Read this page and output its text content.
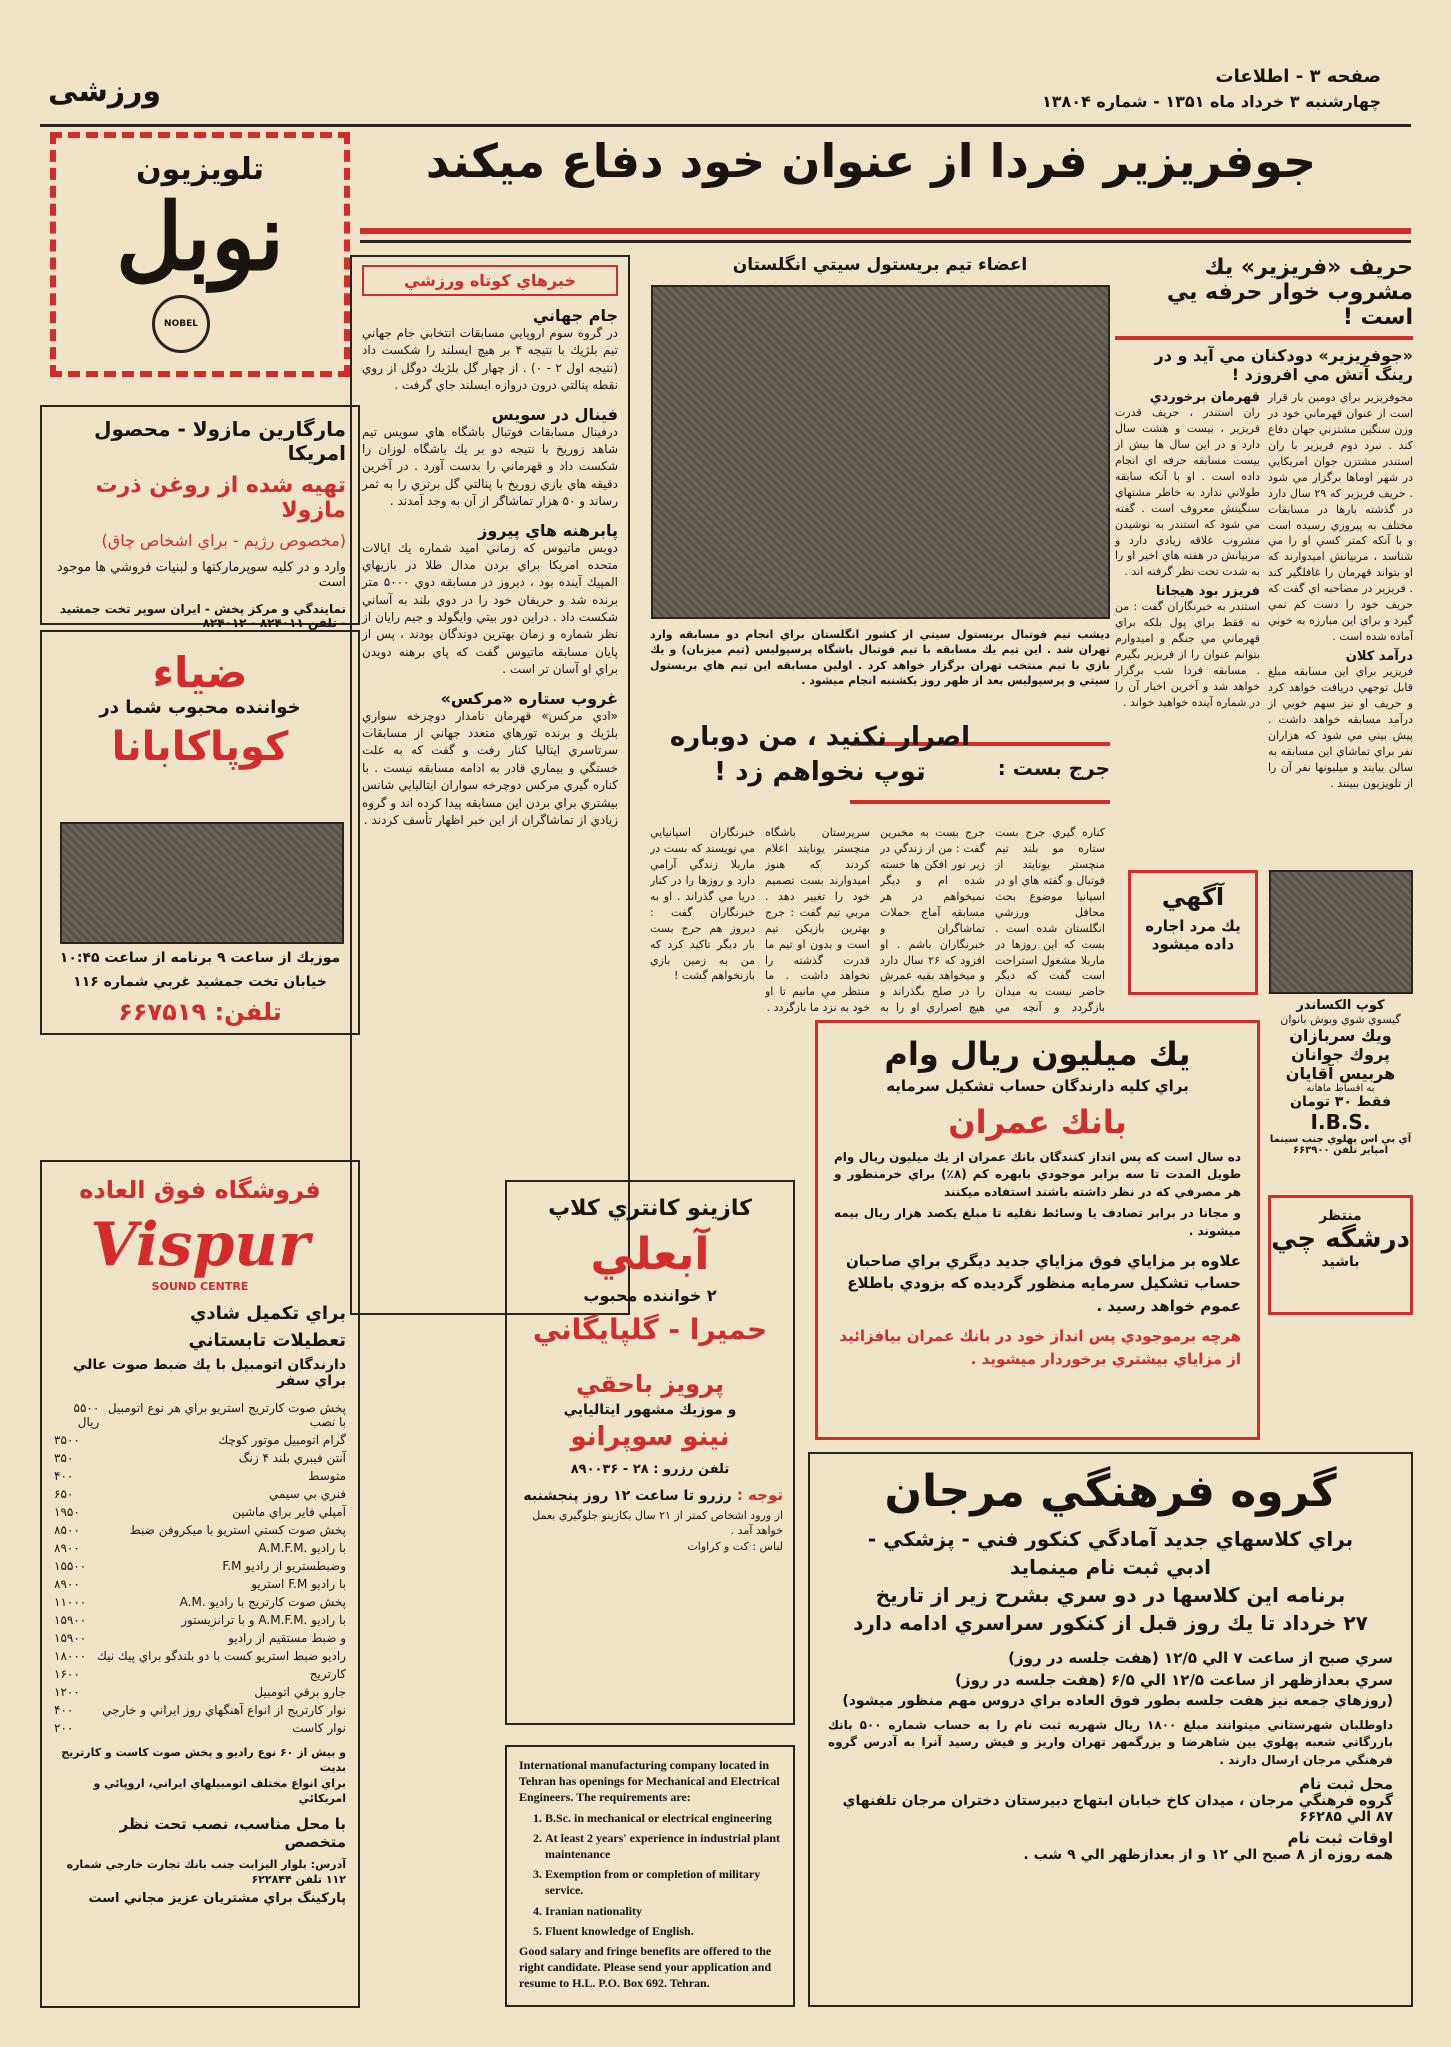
ورزشی	صفحه ۳ - اطلاعات
چهارشنبه ۳ خرداد ماه ۱۳۵۱ - شماره ۱۳۸۰۴
تلويزيون
نوبل
NOBEL
مارگارين مازولا - محصول امريكا
تهيه شده از روغن ذرت مازولا
(مخصوص رژيم - براي اشخاص چاق)
وارد و در كليه سوپرماركتها و لبنيات فروشي ها موجود است
نمايندگي و مركز پخش - ايران سوپر تخت جمشيد - تلفن ۸۲۴۰۱۱ - ۸۲۴۰۱۲
ضياء
خواننده محبوب شما در
كوپاكابانا
موزيك از ساعت ۹ برنامه از ساعت ۱۰:۴۵
خيابان تخت جمشيد غربي شماره ۱۱۶
تلفن: ۶۶۷۵۱۹
فروشگاه فوق العاده
Vispur
SOUND CENTRE
براي تكميل شادي
تعطيلات تابستاني
دارندگان اتومبيل با يك ضبط صوت عالي براي سفر
پخش صوت كارتريج استريو براي هر نوع اتومبيل با نصب
۵۵۰۰ ريال
گرام اتومبيل موتور كوچك
۳۵۰۰
آنتن فيبري بلند ۴ زنگ
۳۵۰
متوسط
۴۰۰
فنري بي سيمي
۶۵۰
آمپلي فاير براي ماشين
۱۹۵۰
پخش صوت كستي استريو با ميكروفن ضبط
۸۵۰۰
با راديو .A.M.F.M
۸۹۰۰
وضبطستريو از راديو F.M
۱۵۵۰۰
با راديو F.M استريو
۸۹۰۰
پخش صوت كارتريج با راديو .A.M
۱۱۰۰۰
با راديو .A.M.F.M و با ترانزيستور
۱۵۹۰۰
و ضبط مستقيم از راديو
۱۵۹۰۰
راديو ضبط استريو كست با دو بلندگو براي پيك نيك
۱۸۰۰۰
كارتريج
۱۶۰۰
جارو برقي اتومبيل
۱۲۰۰
نوار كارتريج از انواع آهنگهاي روز ايراني و خارجي
۴۰۰
نوار كاست
۲۰۰
و بيش از ۶۰ نوع راديو و پخش صوت كاست و كارتريج بديت
براي انواع مختلف اتومبيلهاي ايراني، اروپائي و امريكائي
با محل مناسب، نصب تحت نظر متخصص
آدرس: بلوار اليزابت جنب بانك تجارت خارجي شماره ۱۱۲ تلفن ۶۲۲۸۴۴
پاركينگ براي مشتريان عزيز مجاني است
جوفريزير فردا از عنوان خود دفاع ميكند
خبرهاي كوتاه ورزشي
جام جهاني
در گروه سوم اروپايي مسابقات انتخابي جام جهاني تيم بلژيك با نتيجه ۴ بر هيچ ايسلند را شكست داد (نتيجه اول ۲ - ۰) . از چهار گل بلژيك دوگل از روي نقطه پنالتي درون دروازه ايسلند جاي گرفت .
فينال در سويس
درفينال مسابقات فوتبال باشگاه هاي سويس تيم شاهد زوريخ با نتيجه دو بر يك باشگاه لوزان را شكست داد و قهرماني را بدست آورد . در آخرين دقيقه هاي بازي زوريخ با پنالتي گل برتري را به ثمر رساند و ۵۰ هزار تماشاگر از آن به وجد آمدند .
پابرهنه هاي پيروز
دويس ماتيوس كه زماني اميد شماره يك ايالات متحده امريكا براي بردن مدال طلا در بازيهاي المپيك آينده بود ، ديروز در مسابقه دوي ۵۰۰۰ متر برنده شد و حريفان خود را در دوي بلند به آساني شكست داد . دراين دور بيتي وايگولد و جيم رايان از نظر شماره و زمان بهترين دوندگان بودند ، پس از پايان مسابقه ماتيوس گفت كه پاي برهنه دويدن براي او آسان تر است .
غروب ستاره «مركس»
«ادي مركس» قهرمان نامدار دوچرخه سواري بلژيك و برنده تورهاي متعدد جهاني از مسابقات سرتاسري ايتاليا كنار رفت و گفت كه به علت خستگي و بيماري قادر به ادامه مسابقه نيست . با كناره گيري مركس دوچرخه سواران ايتاليايي شانس بيشتري براي بردن اين مسابقه پيدا كرده اند و گروه زيادي از تماشاگران از اين خبر اظهار تأسف كردند .
اعضاء تيم بريستول سيتي انگلستان
ديشب تيم فوتبال بريستول سيتي از كشور انگلستان براي انجام دو مسابقه وارد تهران شد . اين تيم يك مسابقه با تيم فوتبال باشگاه پرسپوليس (تيم ميزبان) و يك بازي با تيم منتخب تهران برگزار خواهد كرد . اولين مسابقه اين تيم هاي بريستول سيتي و پرسپوليس بعد از ظهر روز يكشنبه انجام ميشود .
جرج بست :
اصرار نكنيد ، من دوباره توپ نخواهم زد !
خبرنگاران اسپانيايي مي نويسند كه بست در ماربلا زندگي آرامي دارد و روزها را در كنار دريا مي گذراند . او به خبرنگاران گفت : ديروز هم جرج بست بار ديگر تاكيد كرد كه من به زمين بازي بازنخواهم گشت !
سرپرستان باشگاه منچستر يونايتد اعلام كردند كه هنوز اميدوارند بست تصميم خود را تغيير دهد . مربي تيم گفت : جرج بهترين بازيكن تيم است و بدون او تيم ما قدرت گذشته را نخواهد داشت . ما منتظر مي مانيم تا او خود به نزد ما بازگردد .
جرج بست به مخبرين گفت : من از زندگي در زير نور افكن ها خسته شده ام و ديگر نميخواهم در هر مسابقه آماج حملات تماشاگران و خبرنگاران باشم . او افزود كه ۲۶ سال دارد و ميخواهد بقيه عمرش را در صلح بگذراند و هيچ اصراري او را به
كناره گيري جرج بست ستاره مو بلند تيم منچستر يونايتد از فوتبال و گفته هاي او در اسپانيا موضوع بحث محافل ورزشي انگلستان شده است . بست كه اين روزها در ماربلا مشغول استراحت است گفت كه ديگر حاضر نيست به ميدان بازگردد و آنچه مي
حريف «فريزير» يك
مشروب خوار حرفه يي است !
«جوفريزير» دودكنان مي آيد و در رينگ آتش مي افروزد !
مجوفريزير براي دومين بار قرار است از عنوان قهرماني خود در وزن سنگين مشتزني جهان دفاع كند . نبرد دوم فريزير با ران استندر مشتزن جوان امريكايي در شهر اوماها برگزار مي شود . حريف فريزير كه ۲۹ سال دارد در گذشته بارها در مسابقات مختلف به پيروزي رسيده است و با آنكه كمتر كسي او را مي شناسد ، مربيانش اميدوارند كه او بتواند قهرمان را غافلگير كند . فريزير در مصاحبه اي گفت كه حريف خود را دست كم نمي گيرد و براي اين مبارزه به خوبي آماده شده است .
درآمد كلان
فريزير براي اين مسابقه مبلغ قابل توجهي دريافت خواهد كرد و حريف او نيز سهم خوبي از درآمد مسابقه خواهد داشت . پيش بيني مي شود كه هزاران نفر براي تماشاي اين مسابقه به سالن بيايند و ميليونها نفر آن را از تلويزيون ببينند .
قهرمان برخوردي
ران استندر ، حريف قدرت فريزير ، بيست و هشت سال دارد و در اين سال ها بيش از بيست مسابقه حرفه اي انجام داده است . او با آنكه سابقه طولاني ندارد به خاطر مشتهاي سنگينش معروف است . گفته مي شود كه استندر به نوشيدن مشروب علاقه زيادي دارد و مربيانش در هفته هاي اخير او را به شدت تحت نظر گرفته اند .
فريزر بود هيجانا
استندر به خبرنگاران گفت : من نه فقط براي پول بلكه براي قهرماني مي جنگم و اميدوارم بتوانم عنوان را از فريزير بگيرم . مسابقه فردا شب برگزار خواهد شد و آخرين اخبار آن را در شماره آينده خواهيد خواند .
كوپ الكساندر
گيسوي شوي وبوش بانوان
ويك سربازان
پروك جوانان
هربيس آقايان
به اقساط ماهانه
فقط ۳۰ تومان
I.B.S.
آي بي اس پهلوي جنب سينما امپاير تلفن ۶۶۳۹۰۰
آگهي
يك مرد اجاره داده ميشود
منتظر
درشگه چي
باشيد
يك ميليون ريال وام
براي كليه دارندگان حساب تشكيل سرمايه
بانك عمران
ده سال است كه پس انداز كنندگان بانك عمران از يك ميليون ريال وام طويل المدت تا سه برابر موجودي بابهره كم (۸٪) براي خرمنطور و هر مصرفي كه در نظر داشته باشند استفاده ميكنند
و مجانا در برابر تصادف يا وسائط نقليه تا مبلغ يكصد هزار ريال بيمه ميشوند .
علاوه بر مزاياي فوق مزاياي جديد ديگري براي صاحبان حساب تشكيل سرمايه منظور گرديده كه بزودي باطلاع عموم خواهد رسيد .
هرچه برموجودي پس انداز خود در بانك عمران بيافزائيد از مزاياي بيشتري برخوردار ميشويد .
كازينو كانتري كلاپ
آبعلي
۲ خواننده محبوب
حميرا - گلپايگاني
پرويز باحقي
و موزيك مشهور ايتاليايي
نينو سوپرانو
تلفن رزرو : ۲۸ - ۸۹۰۰۳۶
توجه : رزرو تا ساعت ۱۲ روز پنجشنبه
از ورود اشخاص كمتر از ۲۱ سال بكازينو جلوگيري بعمل خواهد آمد .
لباس : كت و كراوات
International manufacturing company located in Tehran has openings for Mechanical and Electrical Engineers. The requirements are:
1. B.Sc. in mechanical or electrical engineering
2. At least 2 years' experience in industrial plant maintenance
3. Exemption from or completion of military service.
4. Iranian nationality
5. Fluent knowledge of English.
Good salary and fringe benefits are offered to the right candidate. Please send your application and resume to H.L. P.O. Box 692. Tehran.
گروه فرهنگي مرجان
براي كلاسهاي جديد آمادگي كنكور فني - پزشكي -
ادبي ثبت نام مينمايد
برنامه اين كلاسها در دو سري بشرح زير از تاريخ
۲۷ خرداد تا يك روز قبل از كنكور سراسري ادامه دارد
سري صبح از ساعت ۷ الي ۱۲/۵ (هفت جلسه در روز)
سري بعدازظهر از ساعت ۱۲/۵ الي ۶/۵ (هفت جلسه در روز)
(روزهاي جمعه نيز هفت جلسه بطور فوق العاده براي دروس مهم منظور ميشود)
داوطلبان شهرستاني ميتوانند مبلغ ۱۸۰۰ ريال شهريه ثبت نام را به حساب شماره ۵۰۰ بانك بازرگاني شعبه پهلوي بين شاهرضا و بزرگمهر تهران واريز و فيش رسيد آنرا به آدرس گروه فرهنگي مرجان ارسال دارند .
محل ثبت نام
گروه فرهنگي مرجان ، ميدان كاخ خيابان ابتهاج دبيرستان دختران مرجان تلفنهاي ۸۷ الي ۶۶۲۸۵
اوقات ثبت نام
همه روزه از ۸ صبح الي ۱۲ و از بعدازظهر الي ۹ شب .
